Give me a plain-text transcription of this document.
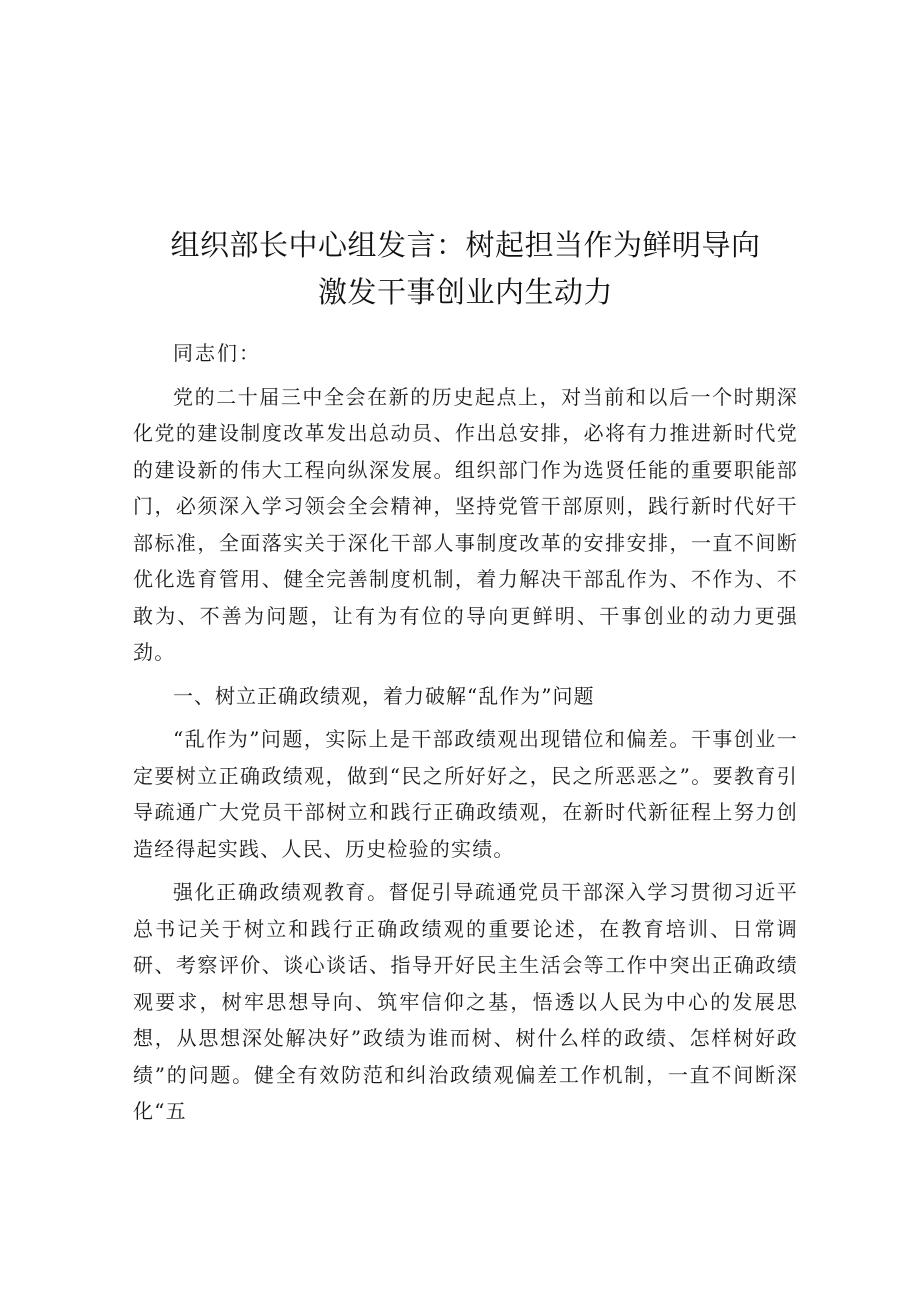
组织部长中心组发言：树起担当作为鲜明导向
激发干事创业内生动力

同志们：

党的二十届三中全会在新的历史起点上，对当前和以后一个时期深化党的建设制度改革发出总动员、作出总安排，必将有力推进新时代党的建设新的伟大工程向纵深发展。组织部门作为选贤任能的重要职能部门，必须深入学习领会全会精神，坚持党管干部原则，践行新时代好干部标准，全面落实关于深化干部人事制度改革的安排安排，一直不间断优化选育管用、健全完善制度机制，着力解决干部乱作为、不作为、不敢为、不善为问题，让有为有位的导向更鲜明、干事创业的动力更强劲。

一、树立正确政绩观，着力破解“乱作为”问题

“乱作为”问题，实际上是干部政绩观出现错位和偏差。干事创业一定要树立正确政绩观，做到“民之所好好之，民之所恶恶之”。要教育引导疏通广大党员干部树立和践行正确政绩观，在新时代新征程上努力创造经得起实践、人民、历史检验的实绩。

强化正确政绩观教育。督促引导疏通党员干部深入学习贯彻习近平总书记关于树立和践行正确政绩观的重要论述，在教育培训、日常调研、考察评价、谈心谈话、指导开好民主生活会等工作中突出正确政绩观要求，树牢思想导向、筑牢信仰之基，悟透以人民为中心的发展思想，从思想深处解决好”政绩为谁而树、树什么样的政绩、怎样树好政绩”的问题。健全有效防范和纠治政绩观偏差工作机制，一直不间断深化“五
